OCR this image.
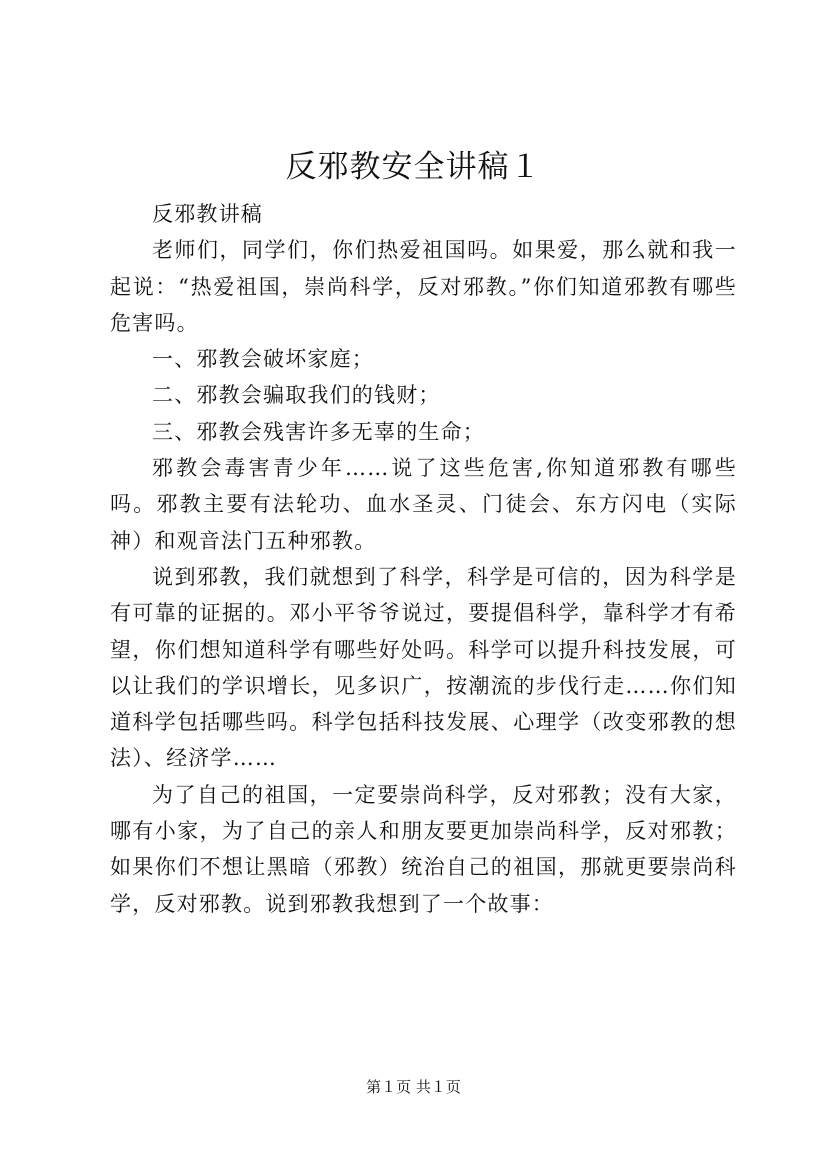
反邪教安全讲稿１

反邪教讲稿

老师们，同学们，你们热爱祖国吗。如果爱，那么就和我一起说：“热爱祖国，崇尚科学，反对邪教。”你们知道邪教有哪些危害吗。

一、邪教会破坏家庭；

二、邪教会骗取我们的钱财；

三、邪教会残害许多无辜的生命；

邪教会毒害青少年……说了这些危害,你知道邪教有哪些吗。邪教主要有法轮功、血水圣灵、门徒会、东方闪电（实际神）和观音法门五种邪教。

说到邪教，我们就想到了科学，科学是可信的，因为科学是有可靠的证据的。邓小平爷爷说过，要提倡科学，靠科学才有希望，你们想知道科学有哪些好处吗。科学可以提升科技发展，可以让我们的学识增长，见多识广，按潮流的步伐行走……你们知道科学包括哪些吗。科学包括科技发展、心理学（改变邪教的想法）、经济学……

为了自己的祖国，一定要崇尚科学，反对邪教；没有大家，哪有小家，为了自己的亲人和朋友要更加崇尚科学，反对邪教；如果你们不想让黑暗（邪教）统治自己的祖国，那就更要崇尚科学，反对邪教。说到邪教我想到了一个故事：

第１页 共１页
